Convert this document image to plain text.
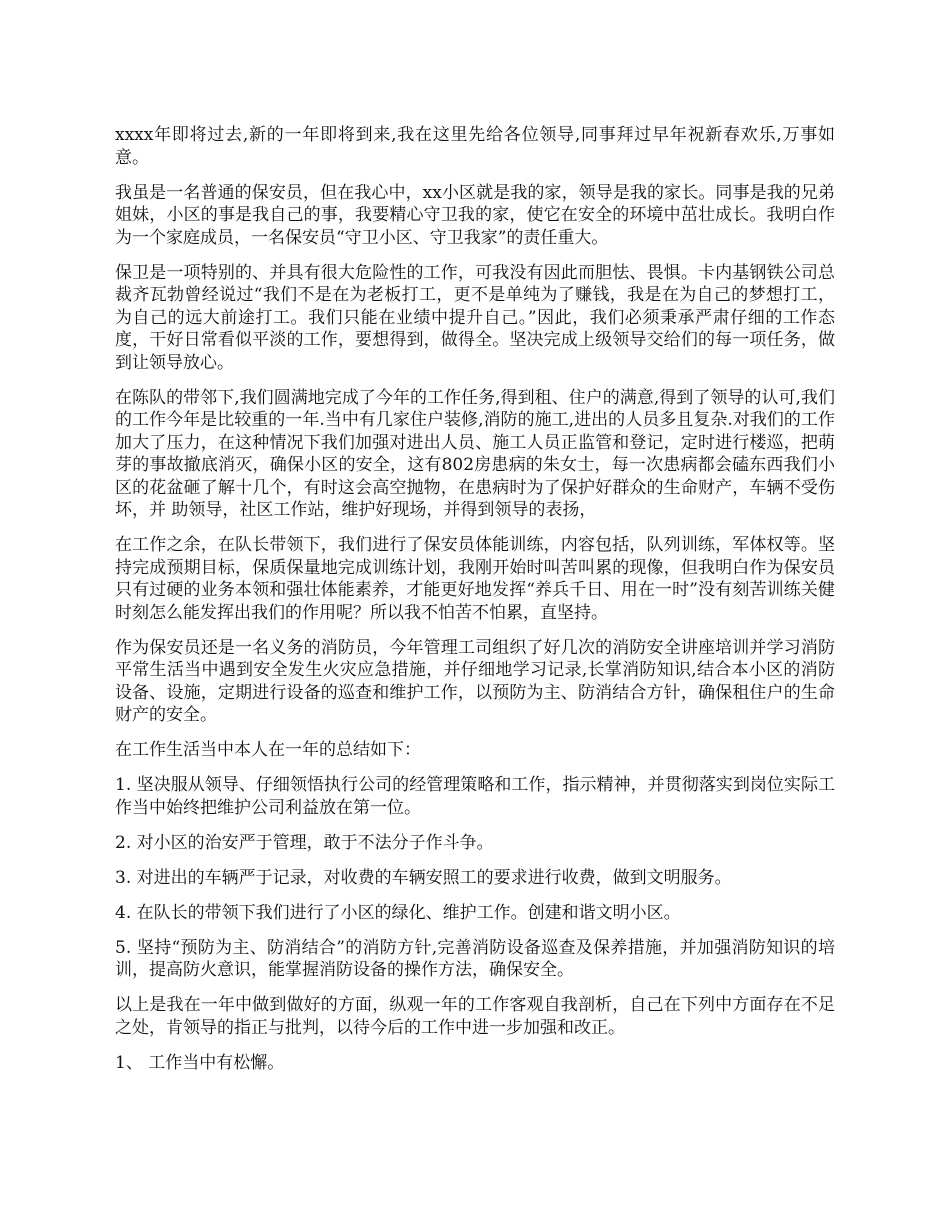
xxxx年即将过去,新的一年即将到来,我在这里先给各位领导,同事拜过早年祝新春欢乐,万事如意。

我虽是一名普通的保安员，但在我心中，xx小区就是我的家，领导是我的家长。同事是我的兄弟姐妹，小区的事是我自己的事，我要精心守卫我的家，使它在安全的环境中茁壮成长。我明白作为一个家庭成员，一名保安员“守卫小区、守卫我家”的责任重大。

保卫是一项特别的、并具有很大危险性的工作，可我没有因此而胆怯、畏惧。卡内基钢铁公司总裁齐瓦勃曾经说过“我们不是在为老板打工，更不是单纯为了赚钱，我是在为自己的梦想打工，为自己的远大前途打工。我们只能在业绩中提升自己。”因此，我们必须秉承严肃仔细的工作态度，干好日常看似平淡的工作，要想得到，做得全。坚决完成上级领导交给们的每一项任务，做到让领导放心。

在陈队的带邻下,我们圆满地完成了今年的工作任务,得到租、住户的满意,得到了领导的认可,我们的工作今年是比较重的一年.当中有几家住户装修,消防的施工,进出的人员多且复杂.对我们的工作加大了压力，在这种情况下我们加强对进出人员、施工人员正监管和登记，定时进行楼巡，把萌芽的事故撤底消灭，确保小区的安全，这有802房患病的朱女士，每一次患病都会磕东西我们小区的花盆砸了解十几个，有时这会高空抛物，在患病时为了保护好群众的生命财产，车辆不受伤坏，并 助领导，社区工作站，维护好现场，并得到领导的表扬，

在工作之余，在队长带领下，我们进行了保安员体能训练，内容包括，队列训练，军体权等。坚持完成预期目标，保质保量地完成训练计划，我刚开始时叫苦叫累的现像，但我明白作为保安员只有过硬的业务本领和强壮体能素养，才能更好地发挥“养兵千日、用在一时”没有刻苦训练关健时刻怎么能发挥出我们的作用呢？所以我不怕苦不怕累，直坚持。

作为保安员还是一名义务的消防员，今年管理工司组织了好几次的消防安全讲座培训并学习消防平常生活当中遇到安全发生火灾应急措施，并仔细地学习记录,长掌消防知识,结合本小区的消防设备、设施，定期进行设备的巡查和维护工作，以预防为主、防消结合方针，确保租住户的生命财产的安全。

在工作生活当中本人在一年的总结如下：

1. 坚决服从领导、仔细领悟执行公司的经管理策略和工作，指示精神，并贯彻落实到岗位实际工作当中始终把维护公司利益放在第一位。

2. 对小区的治安严于管理，敢于不法分子作斗争。

3. 对进出的车辆严于记录，对收费的车辆安照工的要求进行收费，做到文明服务。

4. 在队长的带领下我们进行了小区的绿化、维护工作。创建和谐文明小区。

5. 坚持“预防为主、防消结合”的消防方针,完善消防设备巡查及保养措施，并加强消防知识的培训，提高防火意识，能掌握消防设备的操作方法，确保安全。

以上是我在一年中做到做好的方面，纵观一年的工作客观自我剖析，自己在下列中方面存在不足之处，肯领导的指正与批判，以待今后的工作中进一步加强和改正。

1、 工作当中有松懈。
